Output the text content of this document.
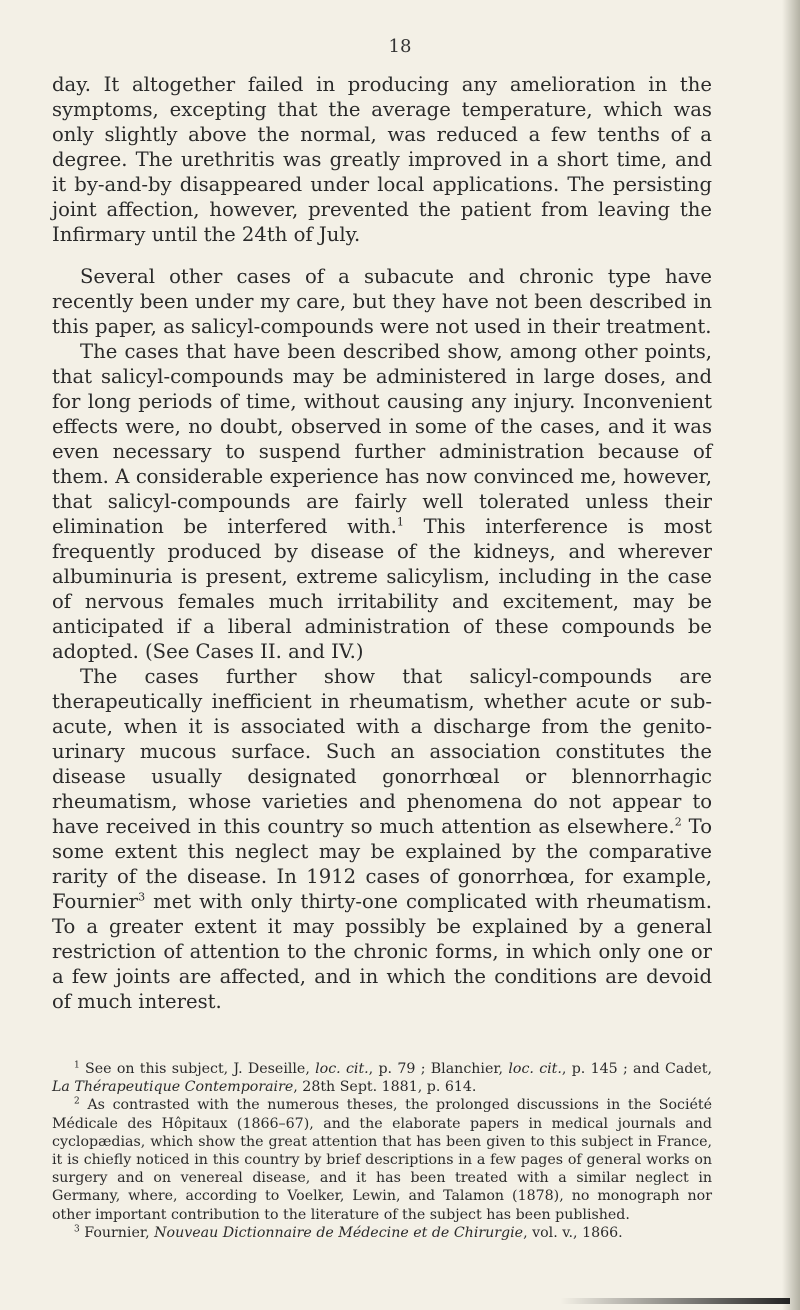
18

day. It altogether failed in producing any amelioration in the symptoms, excepting that the average temperature, which was only slightly above the normal, was reduced a few tenths of a degree. The urethritis was greatly improved in a short time, and it by-and-by disappeared under local applications. The persisting joint affection, however, prevented the patient from leaving the Infirmary until the 24th of July.

Several other cases of a subacute and chronic type have recently been under my care, but they have not been described in this paper, as salicyl-compounds were not used in their treatment.

The cases that have been described show, among other points, that salicyl-compounds may be administered in large doses, and for long periods of time, without causing any injury. Inconvenient effects were, no doubt, observed in some of the cases, and it was even necessary to suspend further administration because of them. A considerable experience has now convinced me, however, that salicyl-compounds are fairly well tolerated unless their elimination be interfered with.$^1$ This interference is most frequently produced by disease of the kidneys, and wherever albuminuria is present, extreme salicylism, including in the case of nervous females much irritability and excitement, may be anticipated if a liberal administration of these compounds be adopted. (See Cases II. and IV.)

The cases further show that salicyl-compounds are therapeutically inefficient in rheumatism, whether acute or sub-acute, when it is associated with a discharge from the genito-urinary mucous surface. Such an association constitutes the disease usually designated gonorrhœal or blennorrhagic rheumatism, whose varieties and phenomena do not appear to have received in this country so much attention as elsewhere.$^2$ To some extent this neglect may be explained by the comparative rarity of the disease. In 1912 cases of gonorrhœa, for example, Fournier$^3$ met with only thirty-one complicated with rheumatism. To a greater extent it may possibly be explained by a general restriction of attention to the chronic forms, in which only one or a few joints are affected, and in which the conditions are devoid of much interest.

$^1$ See on this subject, J. Deseille, loc. cit., p. 79 ; Blanchier, loc. cit., p. 145 ; and Cadet, La Thérapeutique Contemporaire, 28th Sept. 1881, p. 614.

$^2$ As contrasted with the numerous theses, the prolonged discussions in the Société Médicale des Hôpitaux (1866–67), and the elaborate papers in medical journals and cyclopædias, which show the great attention that has been given to this subject in France, it is chiefly noticed in this country by brief descriptions in a few pages of general works on surgery and on venereal disease, and it has been treated with a similar neglect in Germany, where, according to Voelker, Lewin, and Talamon (1878), no monograph nor other important contribution to the literature of the subject has been published.

$^3$ Fournier, Nouveau Dictionnaire de Médecine et de Chirurgie, vol. v., 1866.
